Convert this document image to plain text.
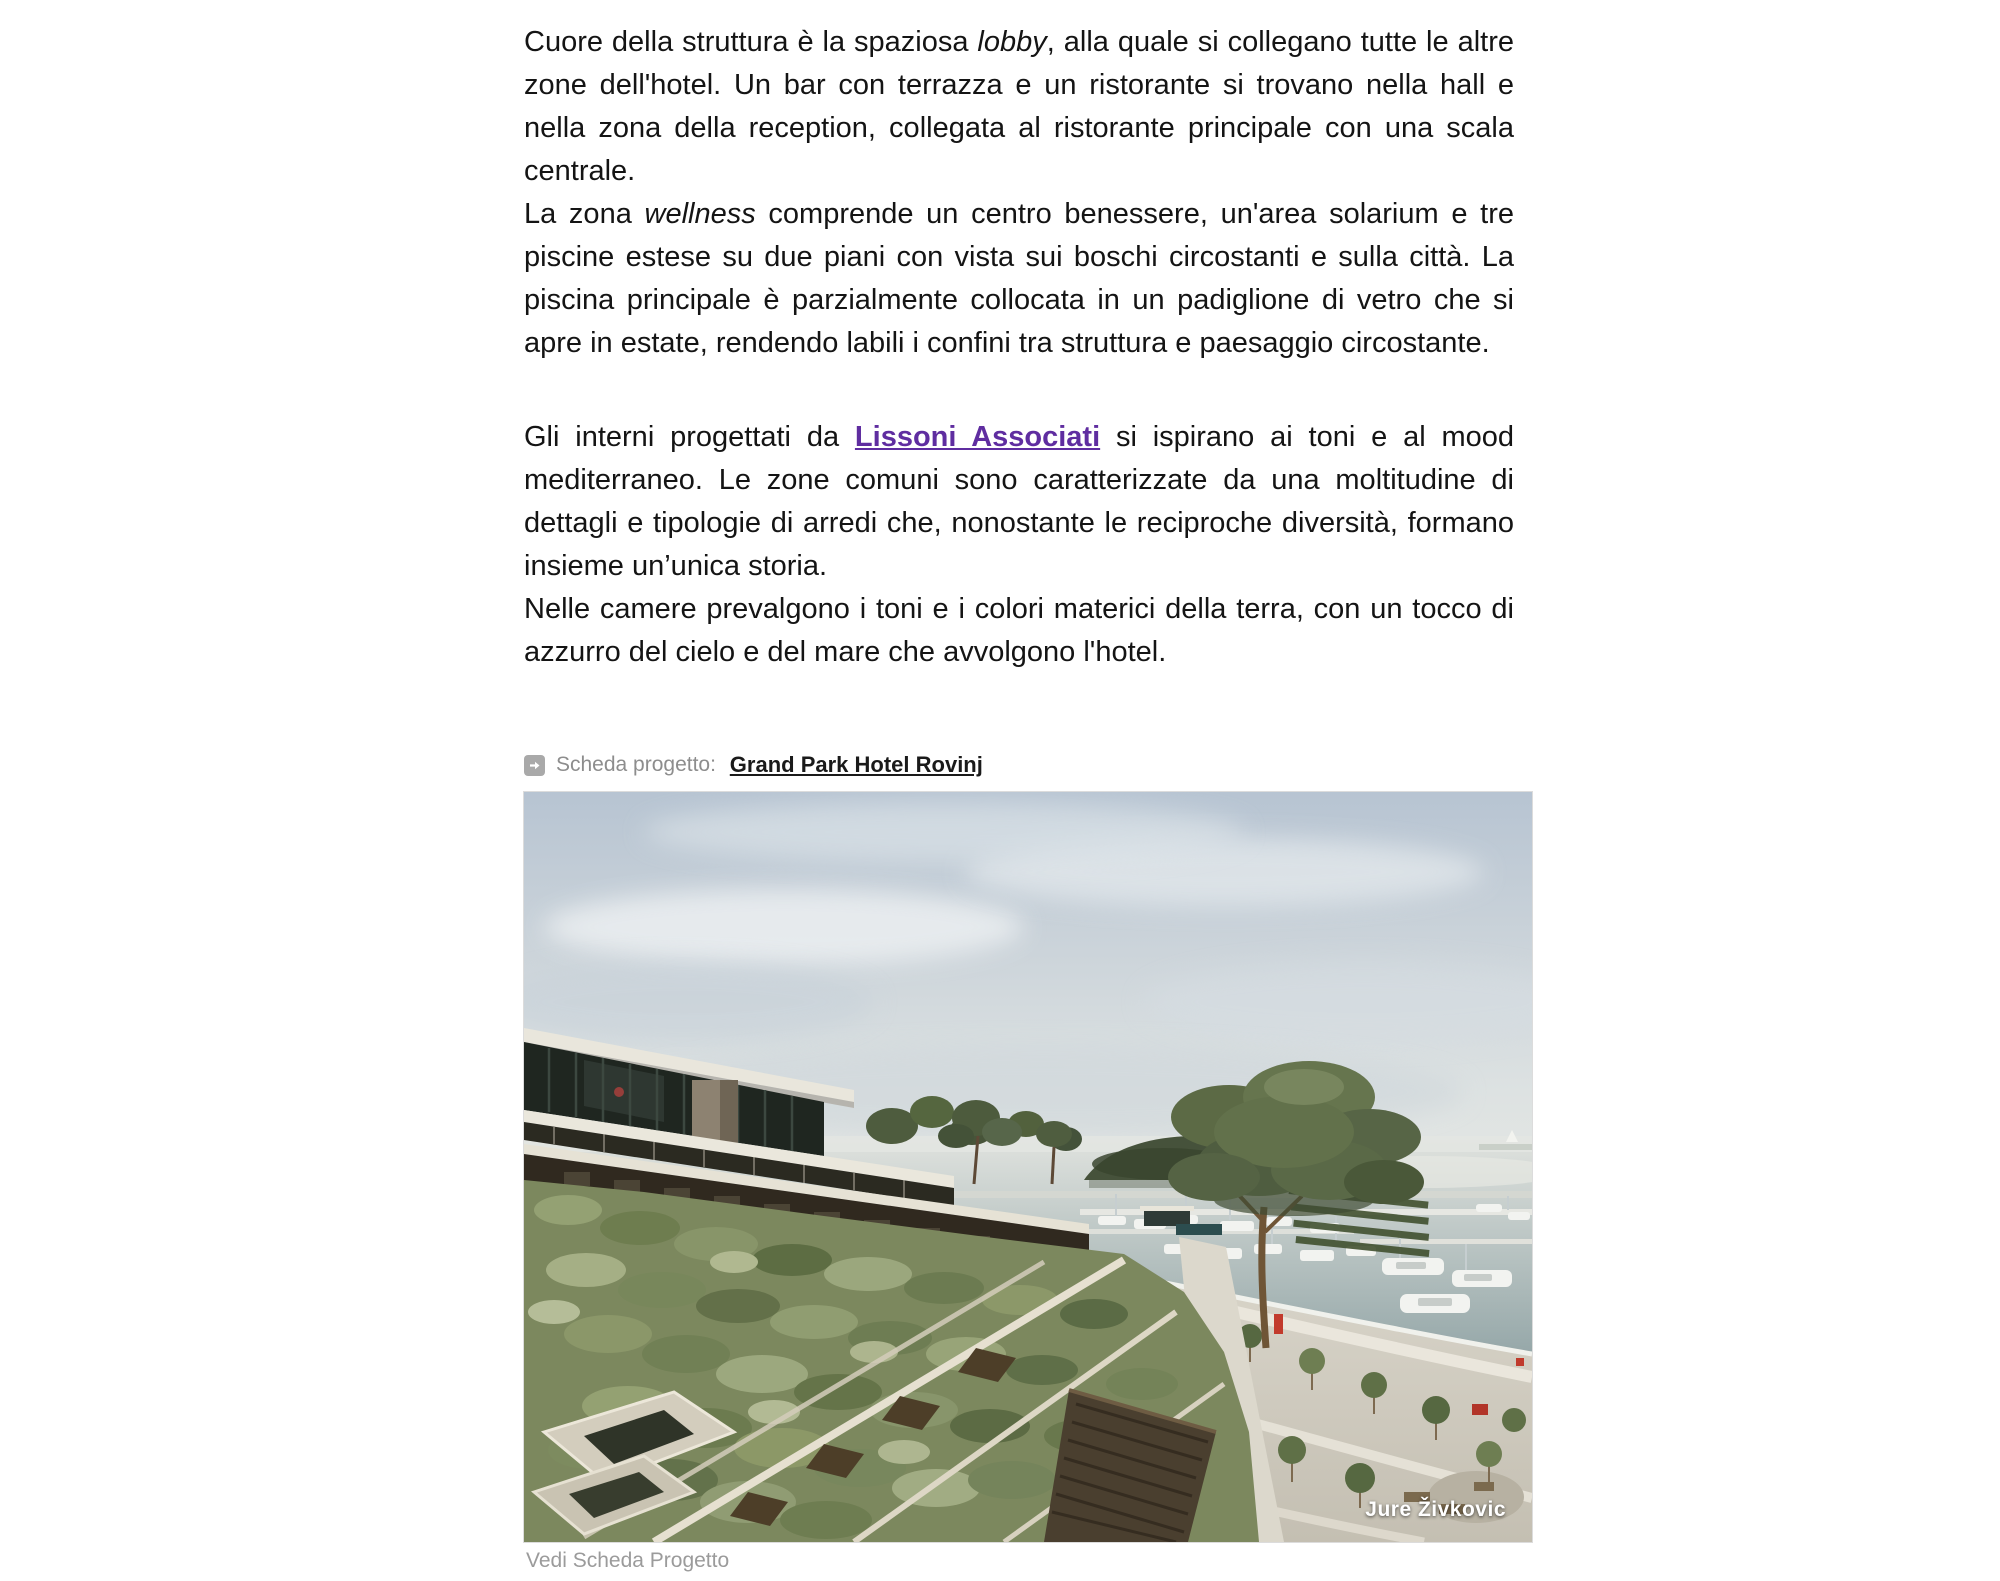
Cuore della struttura è la spaziosa lobby, alla quale si collegano tutte le altre zone dell'hotel. Un bar con terrazza e un ristorante si trovano nella hall e nella zona della reception, collegata al ristorante principale con una scala centrale.

La zona wellness comprende un centro benessere, un'area solarium e tre piscine estese su due piani con vista sui boschi circostanti e sulla città. La piscina principale è parzialmente collocata in un padiglione di vetro che si apre in estate, rendendo labili i confini tra struttura e paesaggio circostante.

Gli interni progettati da Lissoni Associati si ispirano ai toni e al mood mediterraneo. Le zone comuni sono caratterizzate da una moltitudine di dettagli e tipologie di arredi che, nonostante le reciproche diversità, formano insieme un’unica storia.

Nelle camere prevalgono i toni e i colori materici della terra, con un tocco di azzurro del cielo e del mare che avvolgono l'hotel.

Scheda progetto: Grand Park Hotel Rovinj
Jure Živkovic
Vedi Scheda Progetto
